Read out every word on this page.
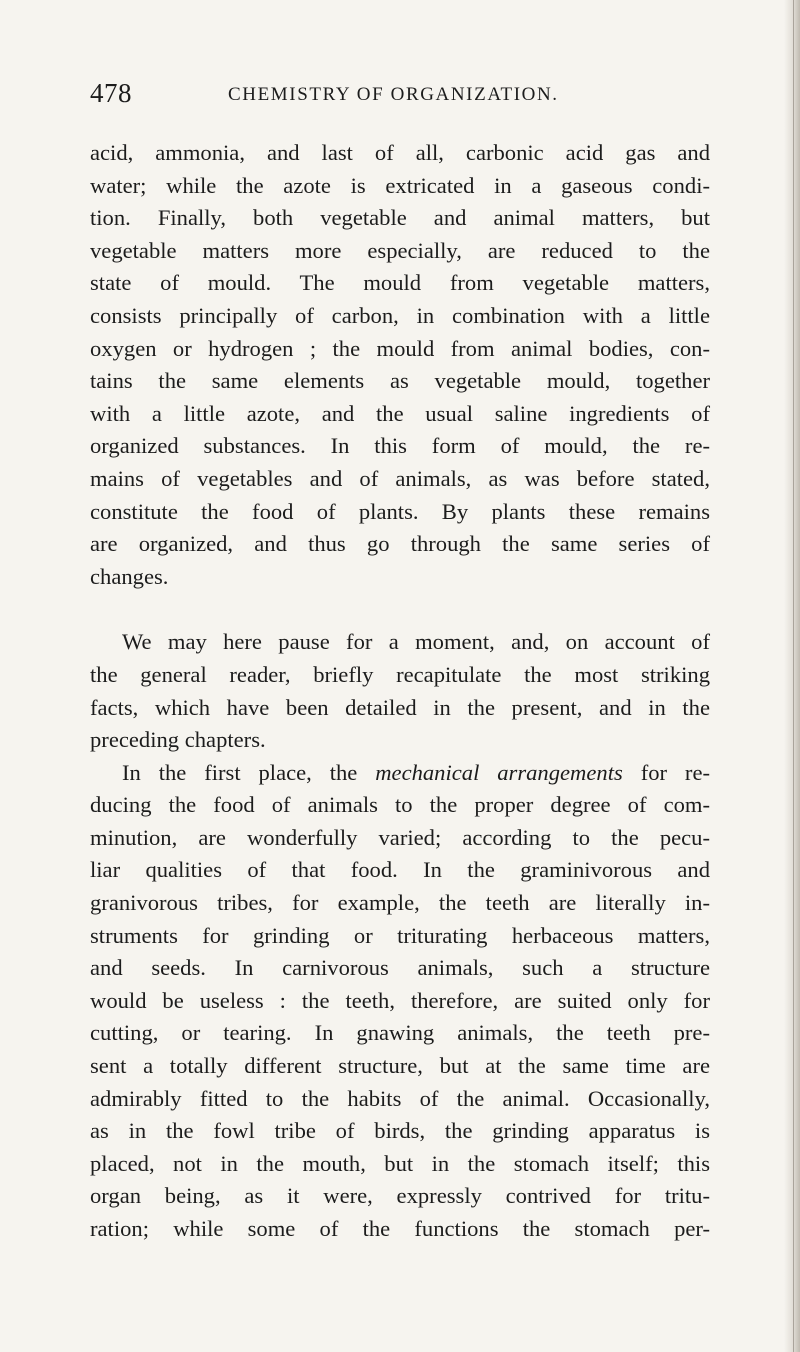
478	CHEMISTRY OF ORGANIZATION.
acid, ammonia, and last of all, carbonic acid gas and
water; while the azote is extricated in a gaseous condi-
tion. Finally, both vegetable and animal matters, but
vegetable matters more especially, are reduced to the
state of mould. The mould from vegetable matters,
consists principally of carbon, in combination with a little
oxygen or hydrogen ; the mould from animal bodies, con-
tains the same elements as vegetable mould, together
with a little azote, and the usual saline ingredients of
organized substances. In this form of mould, the re-
mains of vegetables and of animals, as was before stated,
constitute the food of plants. By plants these remains
are organized, and thus go through the same series of
changes.
We may here pause for a moment, and, on account of
the general reader, briefly recapitulate the most striking
facts, which have been detailed in the present, and in the
preceding chapters.
In the first place, the mechanical arrangements for re-
ducing the food of animals to the proper degree of com-
minution, are wonderfully varied; according to the pecu-
liar qualities of that food. In the graminivorous and
granivorous tribes, for example, the teeth are literally in-
struments for grinding or triturating herbaceous matters,
and seeds. In carnivorous animals, such a structure
would be useless : the teeth, therefore, are suited only for
cutting, or tearing. In gnawing animals, the teeth pre-
sent a totally different structure, but at the same time are
admirably fitted to the habits of the animal. Occasionally,
as in the fowl tribe of birds, the grinding apparatus is
placed, not in the mouth, but in the stomach itself; this
organ being, as it were, expressly contrived for tritu-
ration; while some of the functions the stomach per-
